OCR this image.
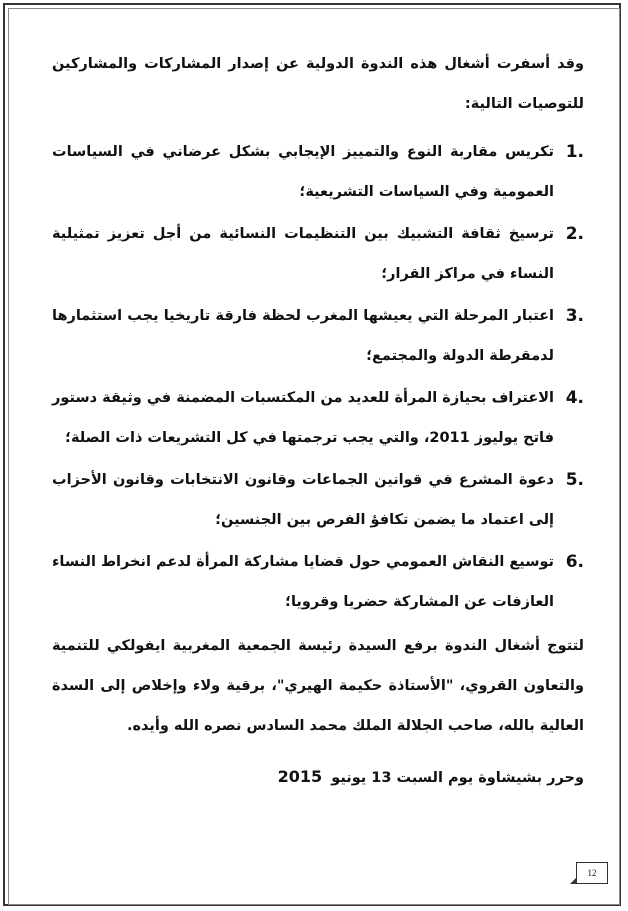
وقد أسفرت أشغال هذه الندوة الدولية عن إصدار المشاركات والمشاركين للتوصيات التالية:

1.
تكريس مقاربة النوع والتمييز الإيجابي بشكل عرضاني في السياسات العمومية وفي السياسات التشريعية؛
2.
ترسيخ ثقافة التشبيك بين التنظيمات النسائية من أجل تعزيز تمثيلية النساء في مراكز القرار؛
3.
اعتبار المرحلة التي يعيشها المغرب لحظة فارقة تاريخيا يجب استثمارها لدمقرطة الدولة والمجتمع؛
4.
الاعتراف بحيازة المرأة للعديد من المكتسبات المضمنة في وثيقة دستور فاتح يوليوز 2011، والتي يجب ترجمتها في كل التشريعات ذات الصلة؛
5.
دعوة المشرع في قوانين الجماعات وقانون الانتخابات وقانون الأحزاب إلى اعتماد ما يضمن تكافؤ الفرص بين الجنسين؛
6.
توسيع النقاش العمومي حول قضايا مشاركة المرأة لدعم انخراط النساء العازفات عن المشاركة حضريا وقرويا؛

لتتوج أشغال الندوة برفع السيدة رئيسة الجمعية المغربية ايفولكي للتنمية والتعاون القروي، "الأستاذة حكيمة الهيري"، برقية ولاء وإخلاص إلى السدة العالية بالله، صاحب الجلالة الملك محمد السادس نصره الله وأيده.

وحرر بشيشاوة يوم السبت 13 يونيو 2015
12
